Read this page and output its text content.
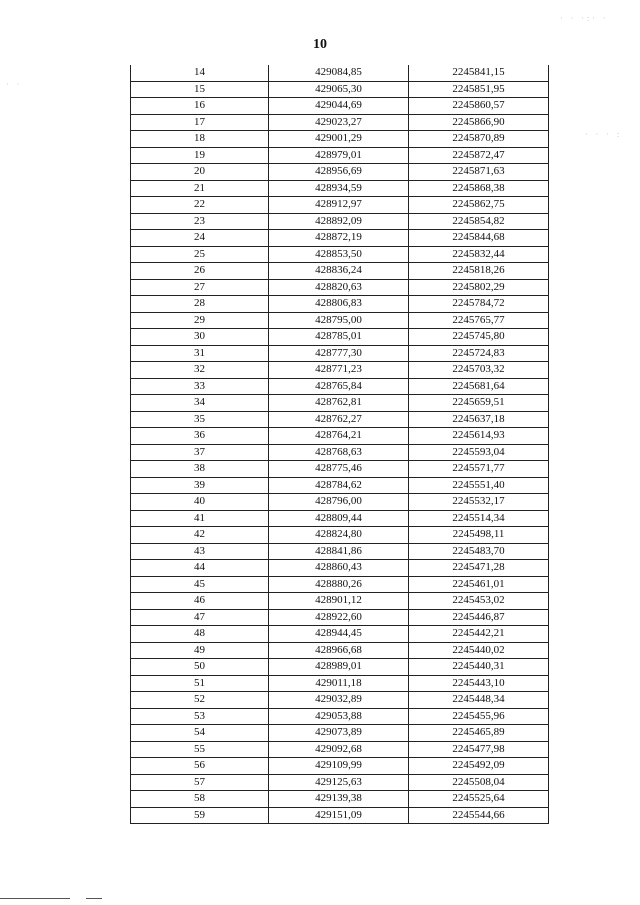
10
14	429084,85	2245841,15
15	429065,30	2245851,95
16	429044,69	2245860,57
17	429023,27	2245866,90
18	429001,29	2245870,89
19	428979,01	2245872,47
20	428956,69	2245871,63
21	428934,59	2245868,38
22	428912,97	2245862,75
23	428892,09	2245854,82
24	428872,19	2245844,68
25	428853,50	2245832,44
26	428836,24	2245818,26
27	428820,63	2245802,29
28	428806,83	2245784,72
29	428795,00	2245765,77
30	428785,01	2245745,80
31	428777,30	2245724,83
32	428771,23	2245703,32
33	428765,84	2245681,64
34	428762,81	2245659,51
35	428762,27	2245637,18
36	428764,21	2245614,93
37	428768,63	2245593,04
38	428775,46	2245571,77
39	428784,62	2245551,40
40	428796,00	2245532,17
41	428809,44	2245514,34
42	428824,80	2245498,11
43	428841,86	2245483,70
44	428860,43	2245471,28
45	428880,26	2245461,01
46	428901,12	2245453,02
47	428922,60	2245446,87
48	428944,45	2245442,21
49	428966,68	2245440,02
50	428989,01	2245440,31
51	429011,18	2245443,10
52	429032,89	2245448,34
53	429053,88	2245455,96
54	429073,89	2245465,89
55	429092,68	2245477,98
56	429109,99	2245492,09
57	429125,63	2245508,04
58	429139,38	2245525,64
59	429151,09	2245544,66
· · ·:· ·
· ·
· · · :
